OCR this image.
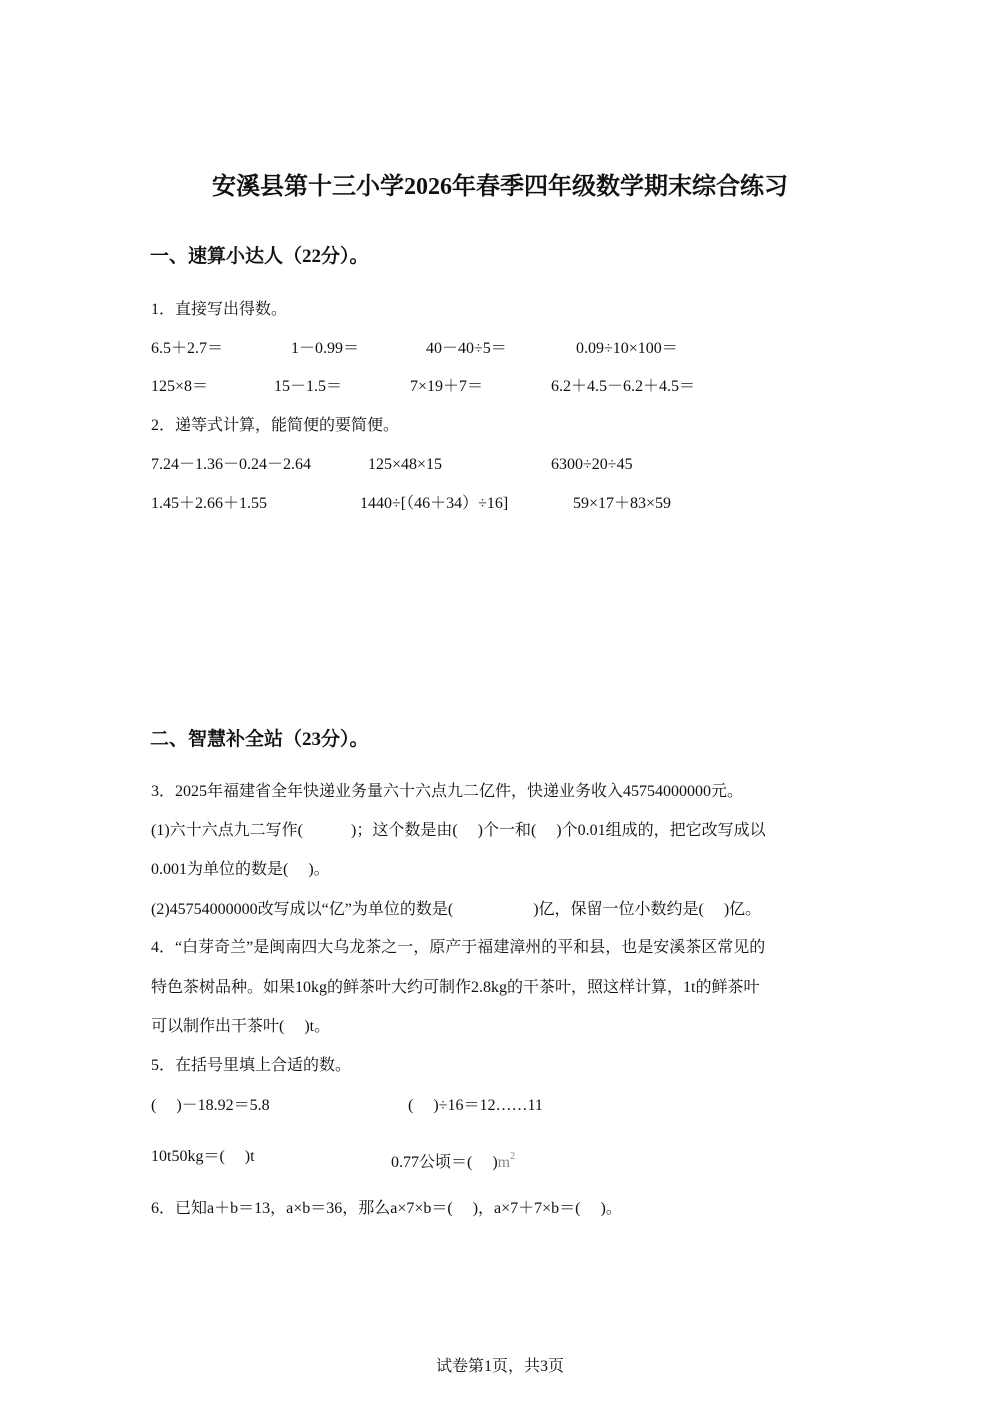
安溪县第十三小学2026年春季四年级数学期末综合练习
一、速算小达人（22分）。
1．直接写出得数。
6.5＋2.7＝	1－0.99＝	40－40÷5＝	0.09÷10×100＝
125×8＝	15－1.5＝	7×19＋7＝	6.2＋4.5－6.2＋4.5＝
2．递等式计算，能简便的要简便。
7.24－1.36－0.24－2.64	125×48×15	6300÷20÷45
1.45＋2.66＋1.55	1440÷[（46＋34）÷16]	59×17＋83×59
二、智慧补全站（23分）。
3．2025年福建省全年快递业务量六十六点九二亿件，快递业务收入45754000000元。
(1)六十六点九二写作(　　　)；这个数是由(　 )个一和(　 )个0.01组成的，把它改写成以
0.001为单位的数是(　 )。
(2)45754000000改写成以“亿”为单位的数是(　　　　　)亿，保留一位小数约是(　 )亿。
4．“白芽奇兰”是闽南四大乌龙茶之一，原产于福建漳州的平和县，也是安溪茶区常见的
特色茶树品种。如果10kg的鲜茶叶大约可制作2.8kg的干茶叶，照这样计算，1t的鲜茶叶
可以制作出干茶叶(　 )t。
5．在括号里填上合适的数。
(　 )－18.92＝5.8	(　 )÷16＝12……11
10t50kg＝(　 )t	0.77公顷＝(　 )$m^2$
6．已知a＋b＝13，a×b＝36，那么a×7×b＝(　 )，a×7＋7×b＝(　 )。
试卷第1页，共3页
